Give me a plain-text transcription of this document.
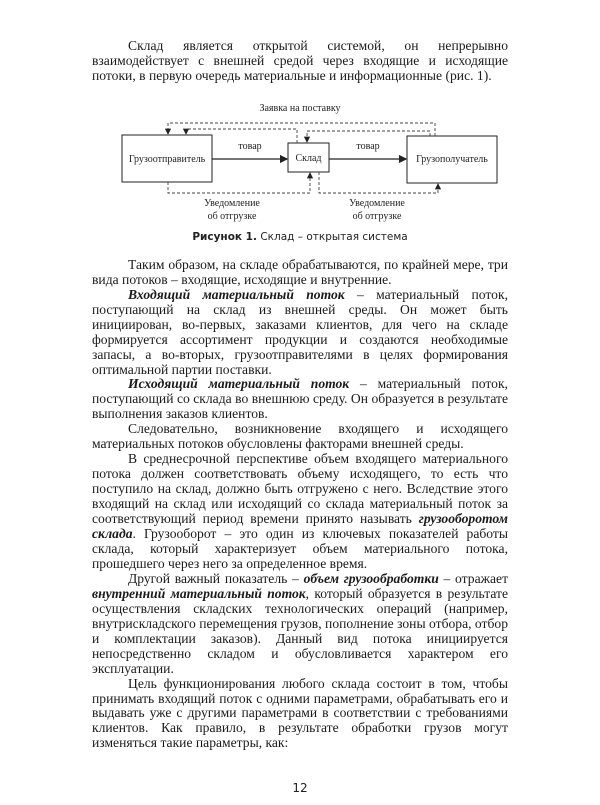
Склад является открытой системой, он непрерывно взаимодействует с внешней средой через входящие и исходящие потоки, в первую очередь материальные и информационные (рис. 1).

Заявка на поставку
Грузоотправитель	Склад	Грузополучатель
товар	товар
Уведомление
об отгрузке
Уведомление
об отгрузке
Рисунок 1. Склад – открытая система

Таким образом, на складе обрабатываются, по крайней мере, три вида потоков – входящие, исходящие и внутренние.

Входящий материальный поток – материальный поток, поступающий на склад из внешней среды. Он может быть инициирован, во-первых, заказами клиентов, для чего на складе формируется ассортимент продукции и создаются необходимые запасы, а во-вторых, грузоотправителями в целях формирования оптимальной партии поставки.

Исходящий материальный поток – материальный поток, поступающий со склада во внешнюю среду. Он образуется в результате выполнения заказов клиентов.

Следовательно, возникновение входящего и исходящего материальных потоков обусловлены факторами внешней среды.

В среднесрочной перспективе объем входящего материального потока должен соответствовать объему исходящего, то есть что поступило на склад, должно быть отгружено с него. Вследствие этого входящий на склад или исходящий со склада материальный поток за соответствующий период времени принято называть грузооборотом склада. Грузооборот – это один из ключевых показателей работы склада, который характеризует объем материального потока, прошедшего через него за определенное время.

Другой важный показатель – объем грузообработки – отражает внутренний материальный поток, который образуется в результате осуществления складских технологических операций (например, внутрискладского перемещения грузов, пополнение зоны отбора, отбор и комплектации заказов). Данный вид потока инициируется непосредственно складом и обусловливается характером его эксплуатации.

Цель функционирования любого склада состоит в том, чтобы принимать входящий поток с одними параметрами, обрабатывать его и выдавать уже с другими параметрами в соответствии с требованиями клиентов. Как правило, в результате обработки грузов могут изменяться такие параметры, как:

12
